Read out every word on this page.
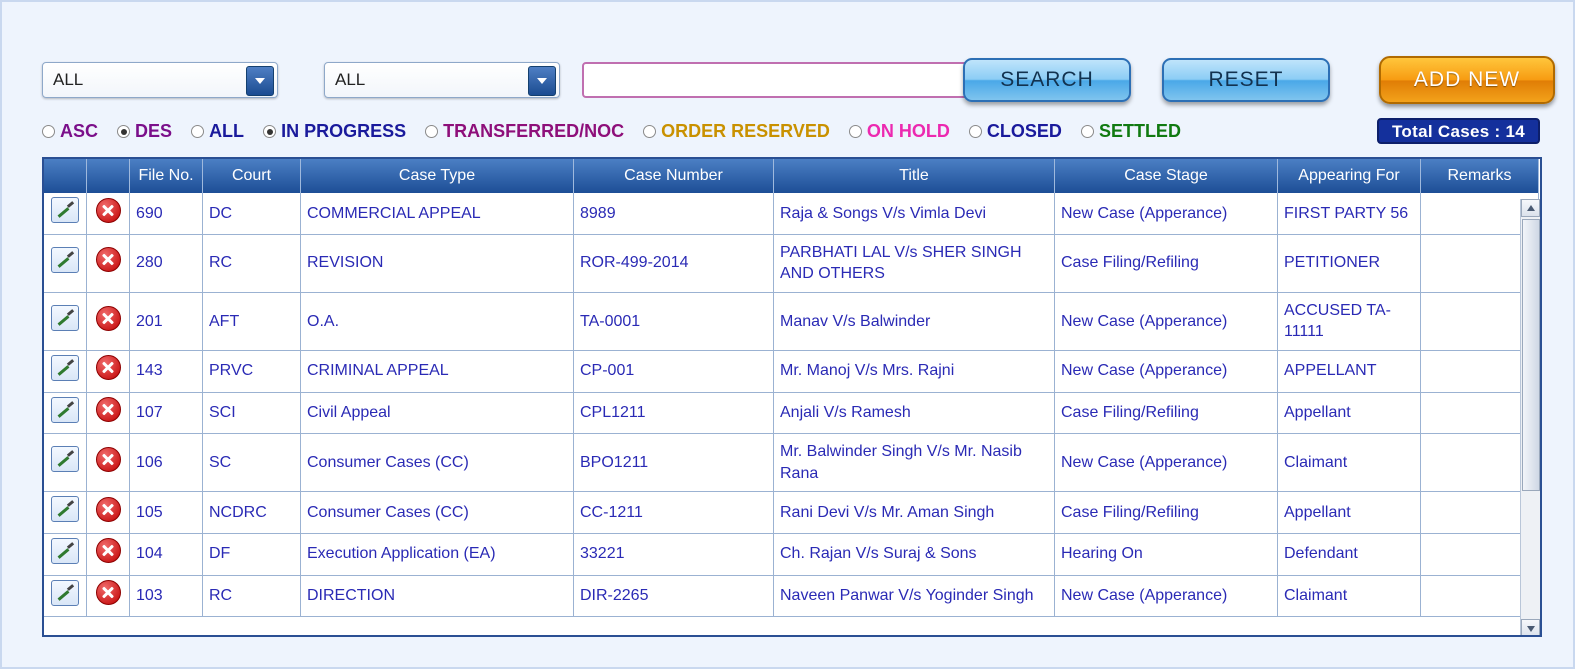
ALL	ALL	SEARCH	RESET	ADD NEW
ASC DES ALL IN PROGRESS TRANSFERRED/NOC ORDER RESERVED ON HOLD CLOSED SETTLED	Total Cases : 14
		File No.	Court	Case Type	Case Number	Title	Case Stage	Appearing For	Remarks
		690	DC	COMMERCIAL APPEAL	8989	Raja & Songs V/s Vimla Devi	New Case (Apperance)	FIRST PARTY 56	
		280	RC	REVISION	ROR-499-2014	PARBHATI LAL V/s SHER SINGH AND OTHERS	Case Filing/Refiling	PETITIONER	
		201	AFT	O.A.	TA-0001	Manav V/s Balwinder	New Case (Apperance)	ACCUSED TA-11111	
		143	PRVC	CRIMINAL APPEAL	CP-001	Mr. Manoj V/s Mrs. Rajni	New Case (Apperance)	APPELLANT	
		107	SCI	Civil Appeal	CPL1211	Anjali V/s Ramesh	Case Filing/Refiling	Appellant	
		106	SC	Consumer Cases (CC)	BPO1211	Mr. Balwinder Singh V/s Mr. Nasib Rana	New Case (Apperance)	Claimant	
		105	NCDRC	Consumer Cases (CC)	CC-1211	Rani Devi V/s Mr. Aman Singh	Case Filing/Refiling	Appellant	
		104	DF	Execution Application (EA)	33221	Ch. Rajan V/s Suraj & Sons	Hearing On	Defendant	
		103	RC	DIRECTION	DIR-2265	Naveen Panwar V/s Yoginder Singh	New Case (Apperance)	Claimant	
